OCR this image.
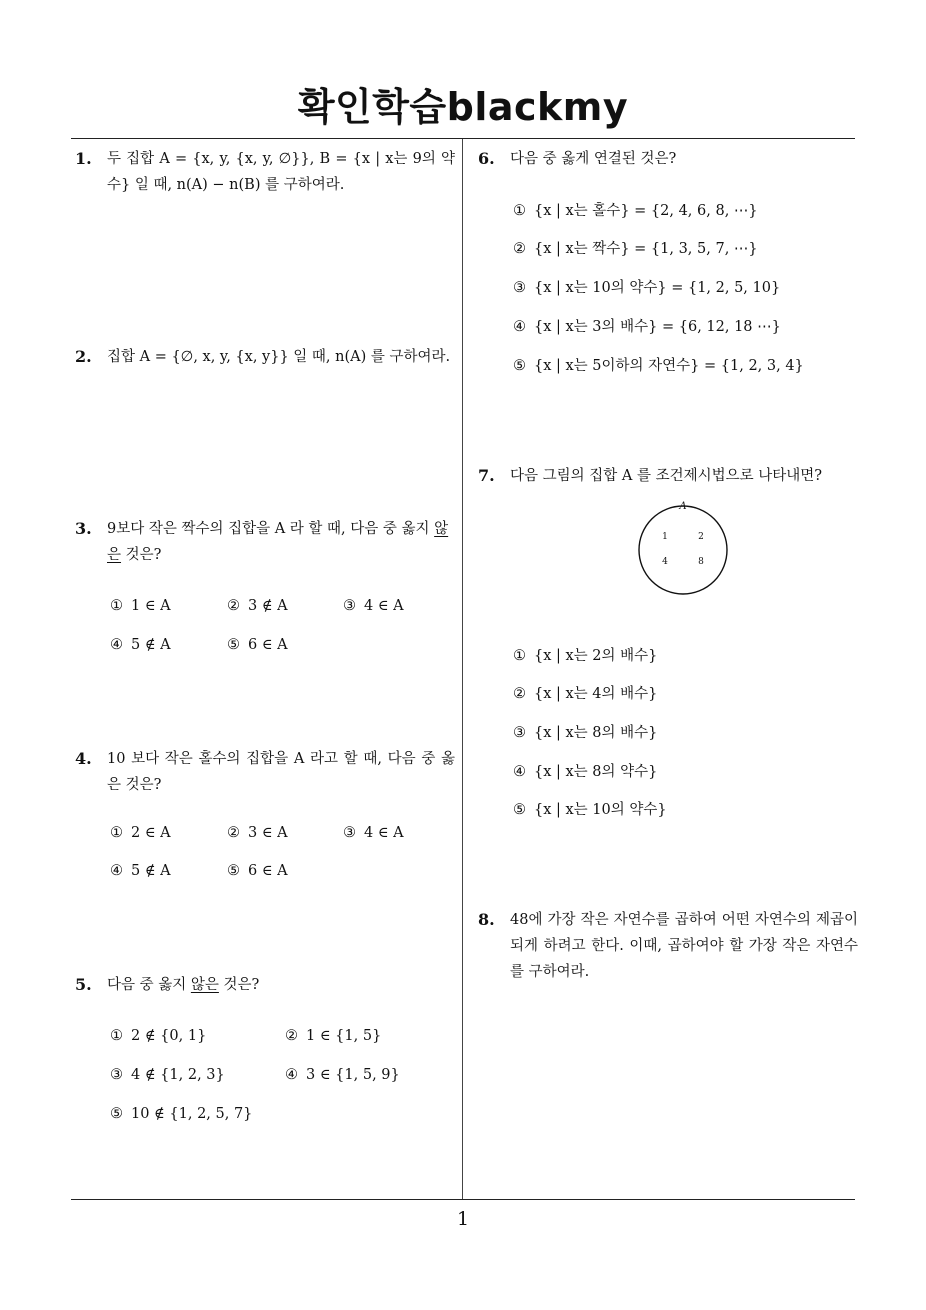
확인학습blackmy
1
1. 두 집합 A = {x, y, {x, y, ∅}}, B = {x | x는 9의 약수} 일 때, n(A) − n(B) 를 구하여라.
2. 집합 A = {∅, x, y, {x, y}} 일 때, n(A) 를 구하여라.
3. 9보다 작은 짝수의 집합을 A 라 할 때, 다음 중 옳지 않은 것은?
① 1 ∈ A	② 3 ∉ A	③ 4 ∈ A
④ 5 ∉ A	⑤ 6 ∈ A
4. 10 보다 작은 홀수의 집합을 A 라고 할 때, 다음 중 옳은 것은?
① 2 ∈ A	② 3 ∈ A	③ 4 ∈ A
④ 5 ∉ A	⑤ 6 ∈ A
5. 다음 중 옳지 않은 것은?
① 2 ∉ {0, 1}	② 1 ∈ {1, 5}
③ 4 ∉ {1, 2, 3}	④ 3 ∈ {1, 5, 9}
⑤ 10 ∉ {1, 2, 5, 7}
6. 다음 중 옳게 연결된 것은?
① {x | x는 홀수} = {2, 4, 6, 8, ⋯}
② {x | x는 짝수} = {1, 3, 5, 7, ⋯}
③ {x | x는 10의 약수} = {1, 2, 5, 10}
④ {x | x는 3의 배수} = {6, 12, 18 ⋯}
⑤ {x | x는 5이하의 자연수} = {1, 2, 3, 4}
7. 다음 그림의 집합 A 를 조건제시법으로 나타내면?
A
1	2
4	8
① {x | x는 2의 배수}
② {x | x는 4의 배수}
③ {x | x는 8의 배수}
④ {x | x는 8의 약수}
⑤ {x | x는 10의 약수}
8. 48에 가장 작은 자연수를 곱하여 어떤 자연수의 제곱이 되게 하려고 한다. 이때, 곱하여야 할 가장 작은 자연수를 구하여라.
